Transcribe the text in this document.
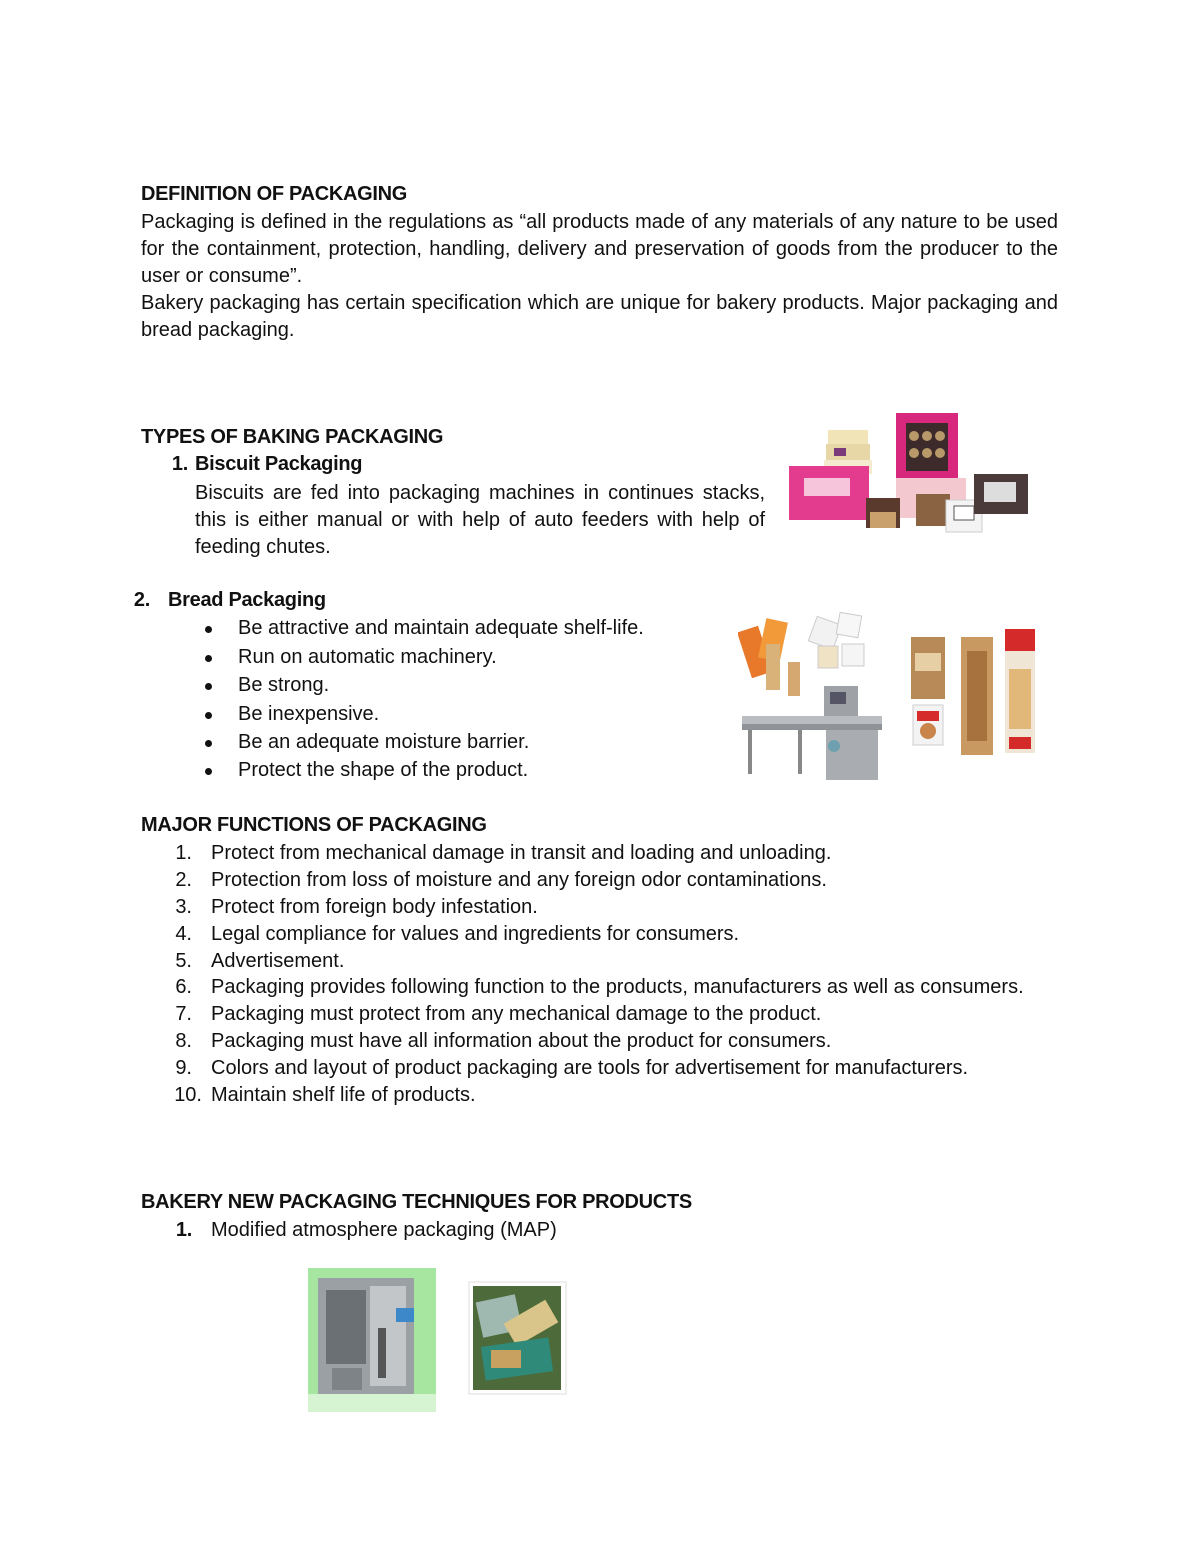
DEFINITION OF PACKAGING
Packaging is defined in the regulations as “all products made of any materials of any nature to be used for the containment, protection, handling, delivery and preservation of goods from the producer to the user or consume”.
Bakery packaging has certain specification which are unique for bakery products. Major packaging and bread packaging.
TYPES OF BAKING PACKAGING
1. Biscuit Packaging
Biscuits are fed into packaging machines in continues stacks, this is either manual or with help of auto feeders with help of feeding chutes.
2. Bread Packaging
Be attractive and maintain adequate shelf-life.
Run on automatic machinery.
Be strong.
Be inexpensive.
Be an adequate moisture barrier.
Protect the shape of the product.
MAJOR FUNCTIONS OF PACKAGING
1. Protect from mechanical damage in transit and loading and unloading.
2. Protection from loss of moisture and any foreign odor contaminations.
3. Protect from foreign body infestation.
4. Legal compliance for values and ingredients for consumers.
5. Advertisement.
6. Packaging provides following function to the products, manufacturers as well as consumers.
7. Packaging must protect from any mechanical damage to the product.
8. Packaging must have all information about the product for consumers.
9. Colors and layout of product packaging are tools for advertisement for manufacturers.
10. Maintain shelf life of products.
BAKERY NEW PACKAGING TECHNIQUES FOR PRODUCTS
1. Modified atmosphere packaging (MAP)
